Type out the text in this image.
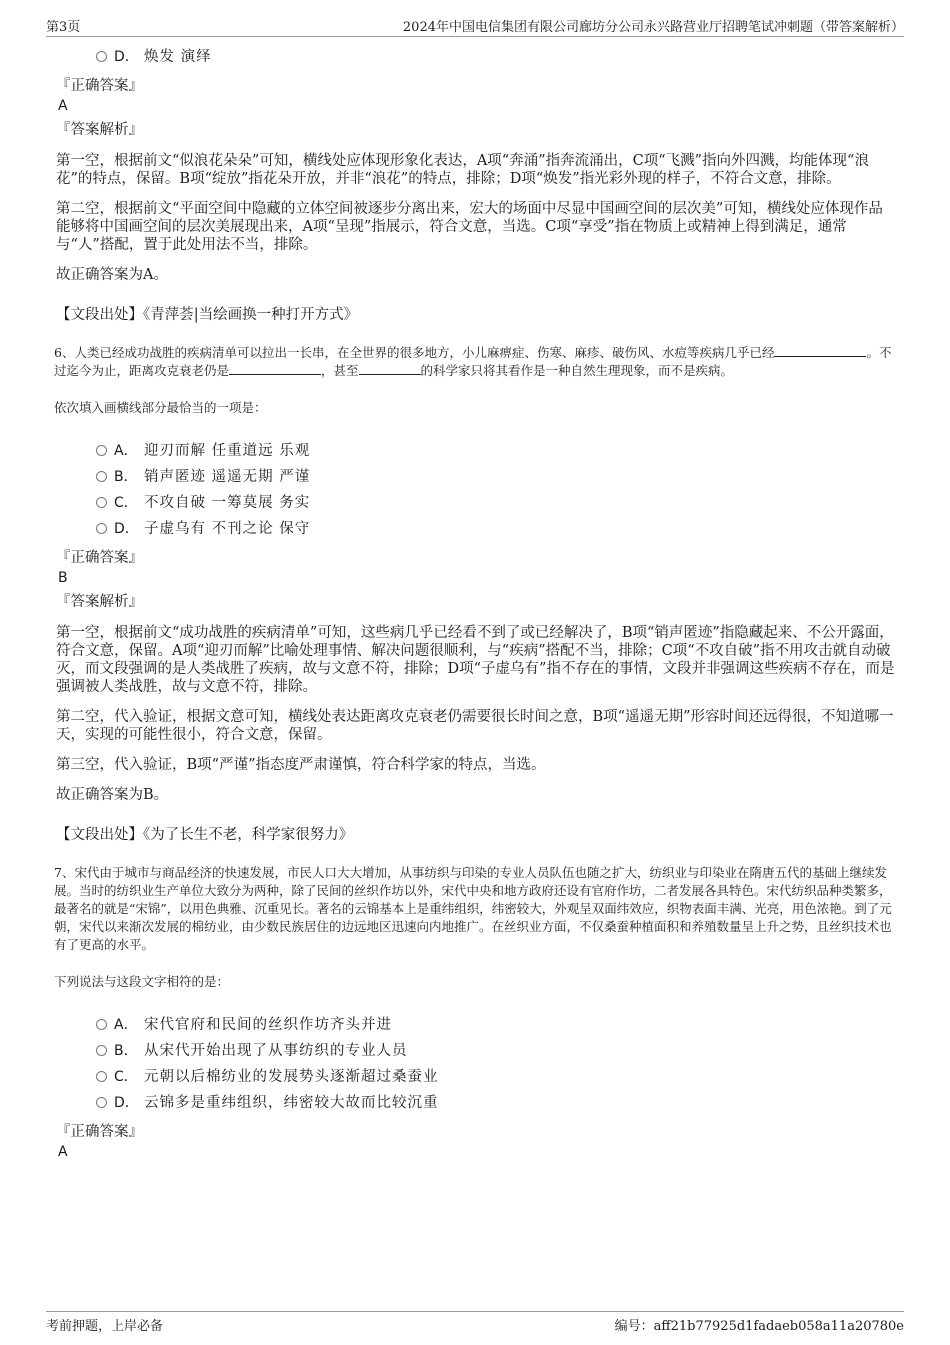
第3页	2024年中国电信集团有限公司廊坊分公司永兴路营业厅招聘笔试冲刺题（带答案解析）
D． 焕发 演绎
『正确答案』
A
『答案解析』
第一空，根据前文“似浪花朵朵”可知，横线处应体现形象化表达，A项“奔涌”指奔流涌出，C项“飞溅”指向外四溅，均能体现“浪花”的特点，保留。B项“绽放”指花朵开放，并非“浪花”的特点，排除；D项“焕发”指光彩外现的样子，不符合文意，排除。
第二空，根据前文“平面空间中隐藏的立体空间被逐步分离出来，宏大的场面中尽显中国画空间的层次美”可知，横线处应体现作品能够将中国画空间的层次美展现出来，A项“呈现”指展示，符合文意，当选。C项“享受”指在物质上或精神上得到满足，通常与“人”搭配，置于此处用法不当，排除。
故正确答案为A。
【文段出处】《青萍荟|当绘画换一种打开方式》
6、人类已经成功战胜的疾病清单可以拉出一长串，在全世界的很多地方，小儿麻痹症、伤寒、麻疹、破伤风、水痘等疾病几乎已经	。不过迄今为止，距离攻克衰老仍是	，甚至	的科学家只将其看作是一种自然生理现象，而不是疾病。
依次填入画横线部分最恰当的一项是：
A． 迎刃而解 任重道远 乐观
B． 销声匿迹 遥遥无期 严谨
C． 不攻自破 一筹莫展 务实
D． 子虚乌有 不刊之论 保守
『正确答案』
B
『答案解析』
第一空，根据前文“成功战胜的疾病清单”可知，这些病几乎已经看不到了或已经解决了，B项“销声匿迹”指隐藏起来、不公开露面，符合文意，保留。A项“迎刃而解”比喻处理事情、解决问题很顺利，与“疾病”搭配不当，排除；C项“不攻自破”指不用攻击就自动破灭，而文段强调的是人类战胜了疾病，故与文意不符，排除；D项“子虚乌有”指不存在的事情，文段并非强调这些疾病不存在，而是强调被人类战胜，故与文意不符，排除。
第二空，代入验证，根据文意可知，横线处表达距离攻克衰老仍需要很长时间之意，B项“遥遥无期”形容时间还远得很，不知道哪一天，实现的可能性很小，符合文意，保留。
第三空，代入验证，B项“严谨”指态度严肃谨慎，符合科学家的特点，当选。
故正确答案为B。
【文段出处】《为了长生不老，科学家很努力》
7、宋代由于城市与商品经济的快速发展，市民人口大大增加，从事纺织与印染的专业人员队伍也随之扩大，纺织业与印染业在隋唐五代的基础上继续发展。当时的纺织业生产单位大致分为两种，除了民间的丝织作坊以外，宋代中央和地方政府还设有官府作坊，二者发展各具特色。宋代纺织品种类繁多，最著名的就是“宋锦”，以用色典雅、沉重见长。著名的云锦基本上是重纬组织，纬密较大，外观呈双面纬效应，织物表面丰满、光亮，用色浓艳。到了元朝，宋代以来渐次发展的棉纺业，由少数民族居住的边远地区迅速向内地推广。在丝织业方面，不仅桑蚕种植面积和养殖数量呈上升之势，且丝织技术也有了更高的水平。
下列说法与这段文字相符的是：
A． 宋代官府和民间的丝织作坊齐头并进
B． 从宋代开始出现了从事纺织的专业人员
C． 元朝以后棉纺业的发展势头逐渐超过桑蚕业
D． 云锦多是重纬组织，纬密较大故而比较沉重
『正确答案』
A
考前押题，上岸必备	编号：aff21b77925d1fadaeb058a11a20780e
